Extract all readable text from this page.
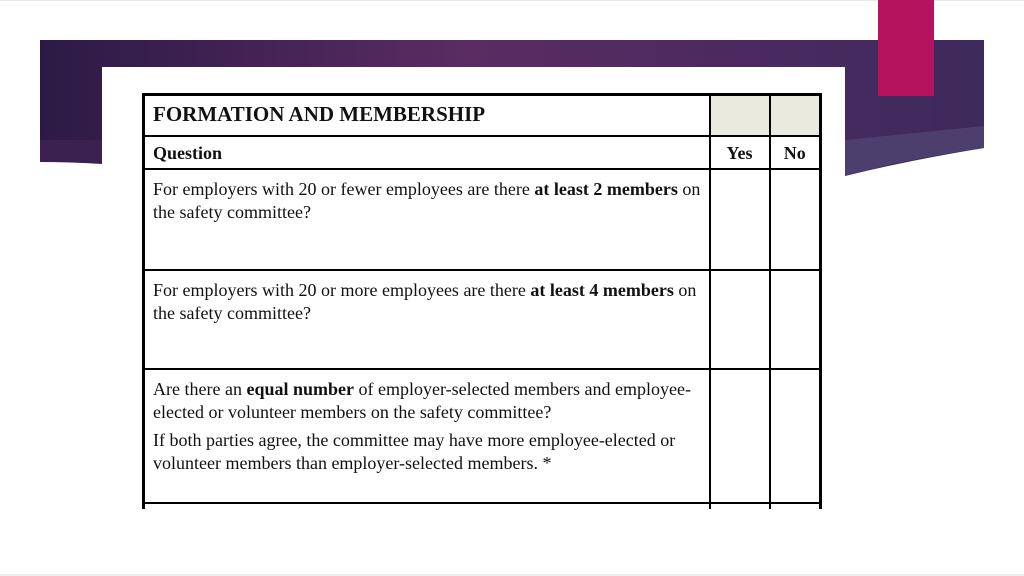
FORMATION AND MEMBERSHIP		
Question	Yes	No
For employers with 20 or fewer employees are there at least 2 members on the safety committee?		
For employers with 20 or more employees are there at least 4 members on the safety committee?		

Are there an equal number of employer-selected members and employee-elected or volunteer members on the safety committee?
If both parties agree, the committee may have more employee-elected or volunteer members than employer-selected members. *		
